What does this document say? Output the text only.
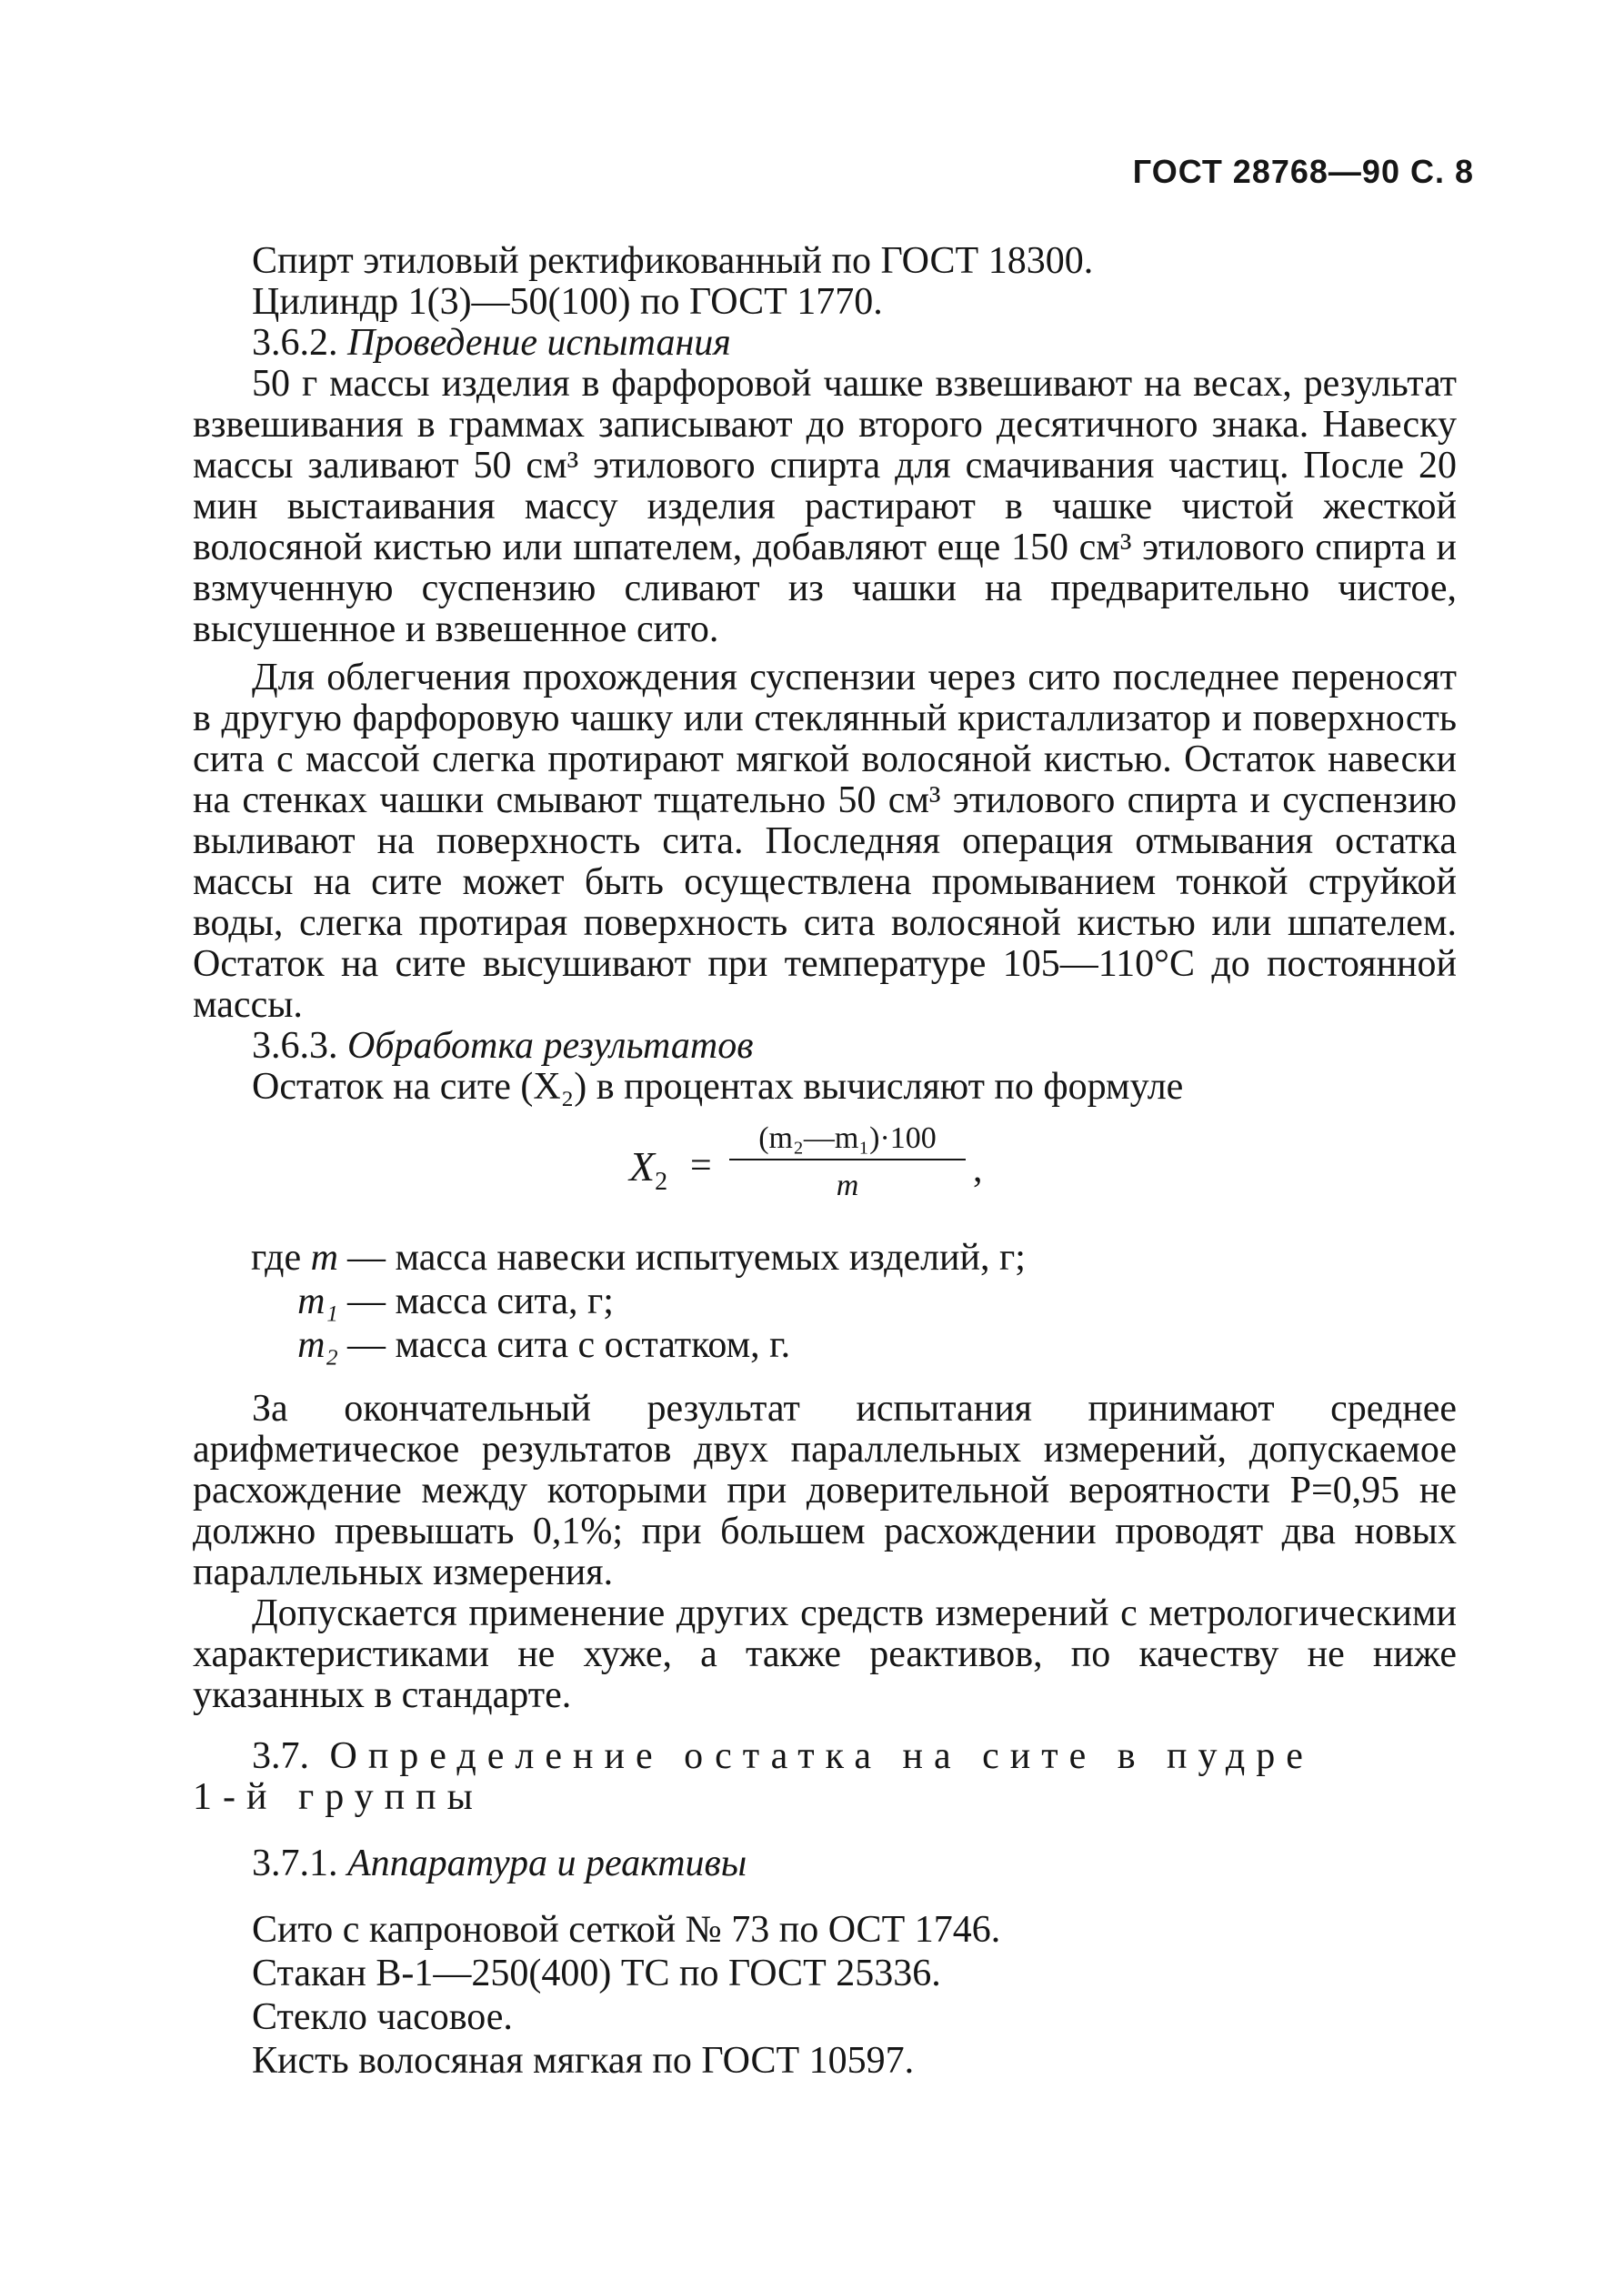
ГОСТ 28768—90 С. 8

Спирт этиловый ректификованный по ГОСТ 18300.

Цилиндр 1(3)—50(100) по ГОСТ 1770.

3.6.2. Проведение испытания

50 г массы изделия в фарфоровой чашке взвешивают на весах, результат взвешивания в граммах записывают до второго десятичного знака. Навеску массы заливают 50 см³ этилового спирта для смачивания частиц. После 20 мин выстаивания массу изделия растирают в чашке чистой жесткой волосяной кистью или шпателем, добавляют еще 150 см³ этилового спирта и взмученную суспензию сливают из чашки на предварительно чистое, высушенное и взвешенное сито.

Для облегчения прохождения суспензии через сито последнее переносят в другую фарфоровую чашку или стеклянный кристаллизатор и поверхность сита с массой слегка протирают мягкой волосяной кистью. Остаток навески на стенках чашки смывают тщательно 50 см³ этилового спирта и суспензию выливают на поверхность сита. Последняя операция отмывания остатка массы на сите может быть осуществлена промыванием тонкой струйкой воды, слегка протирая поверхность сита волосяной кистью или шпателем. Остаток на сите высушивают при температуре 105—110°С до постоянной массы.

3.6.3. Обработка результатов

Остаток на сите (X₂) в процентах вычисляют по формуле

$X_2 = \frac{\text{(m₂—m₁)·100}}{m}$ ,
где m — масса навески испытуемых изделий, г;
m₁ — масса сита, г;
m₂ — масса сита с остатком, г.

За окончательный результат испытания принимают среднее арифметическое результатов двух параллельных измерений, допускаемое расхождение между которыми при доверительной вероятности Р=0,95 не должно превышать 0,1%; при большем расхождении проводят два новых параллельных измерения.

Допускается применение других средств измерений с метрологическими характеристиками не хуже, а также реактивов, по качеству не ниже указанных в стандарте.

3.7. Определение остатка на сите в пудре

1-й группы

3.7.1. Аппаратура и реактивы

Сито с капроновой сеткой № 73 по ОСТ 1746.

Стакан В-1—250(400) ТС по ГОСТ 25336.

Стекло часовое.

Кисть волосяная мягкая по ГОСТ 10597.
